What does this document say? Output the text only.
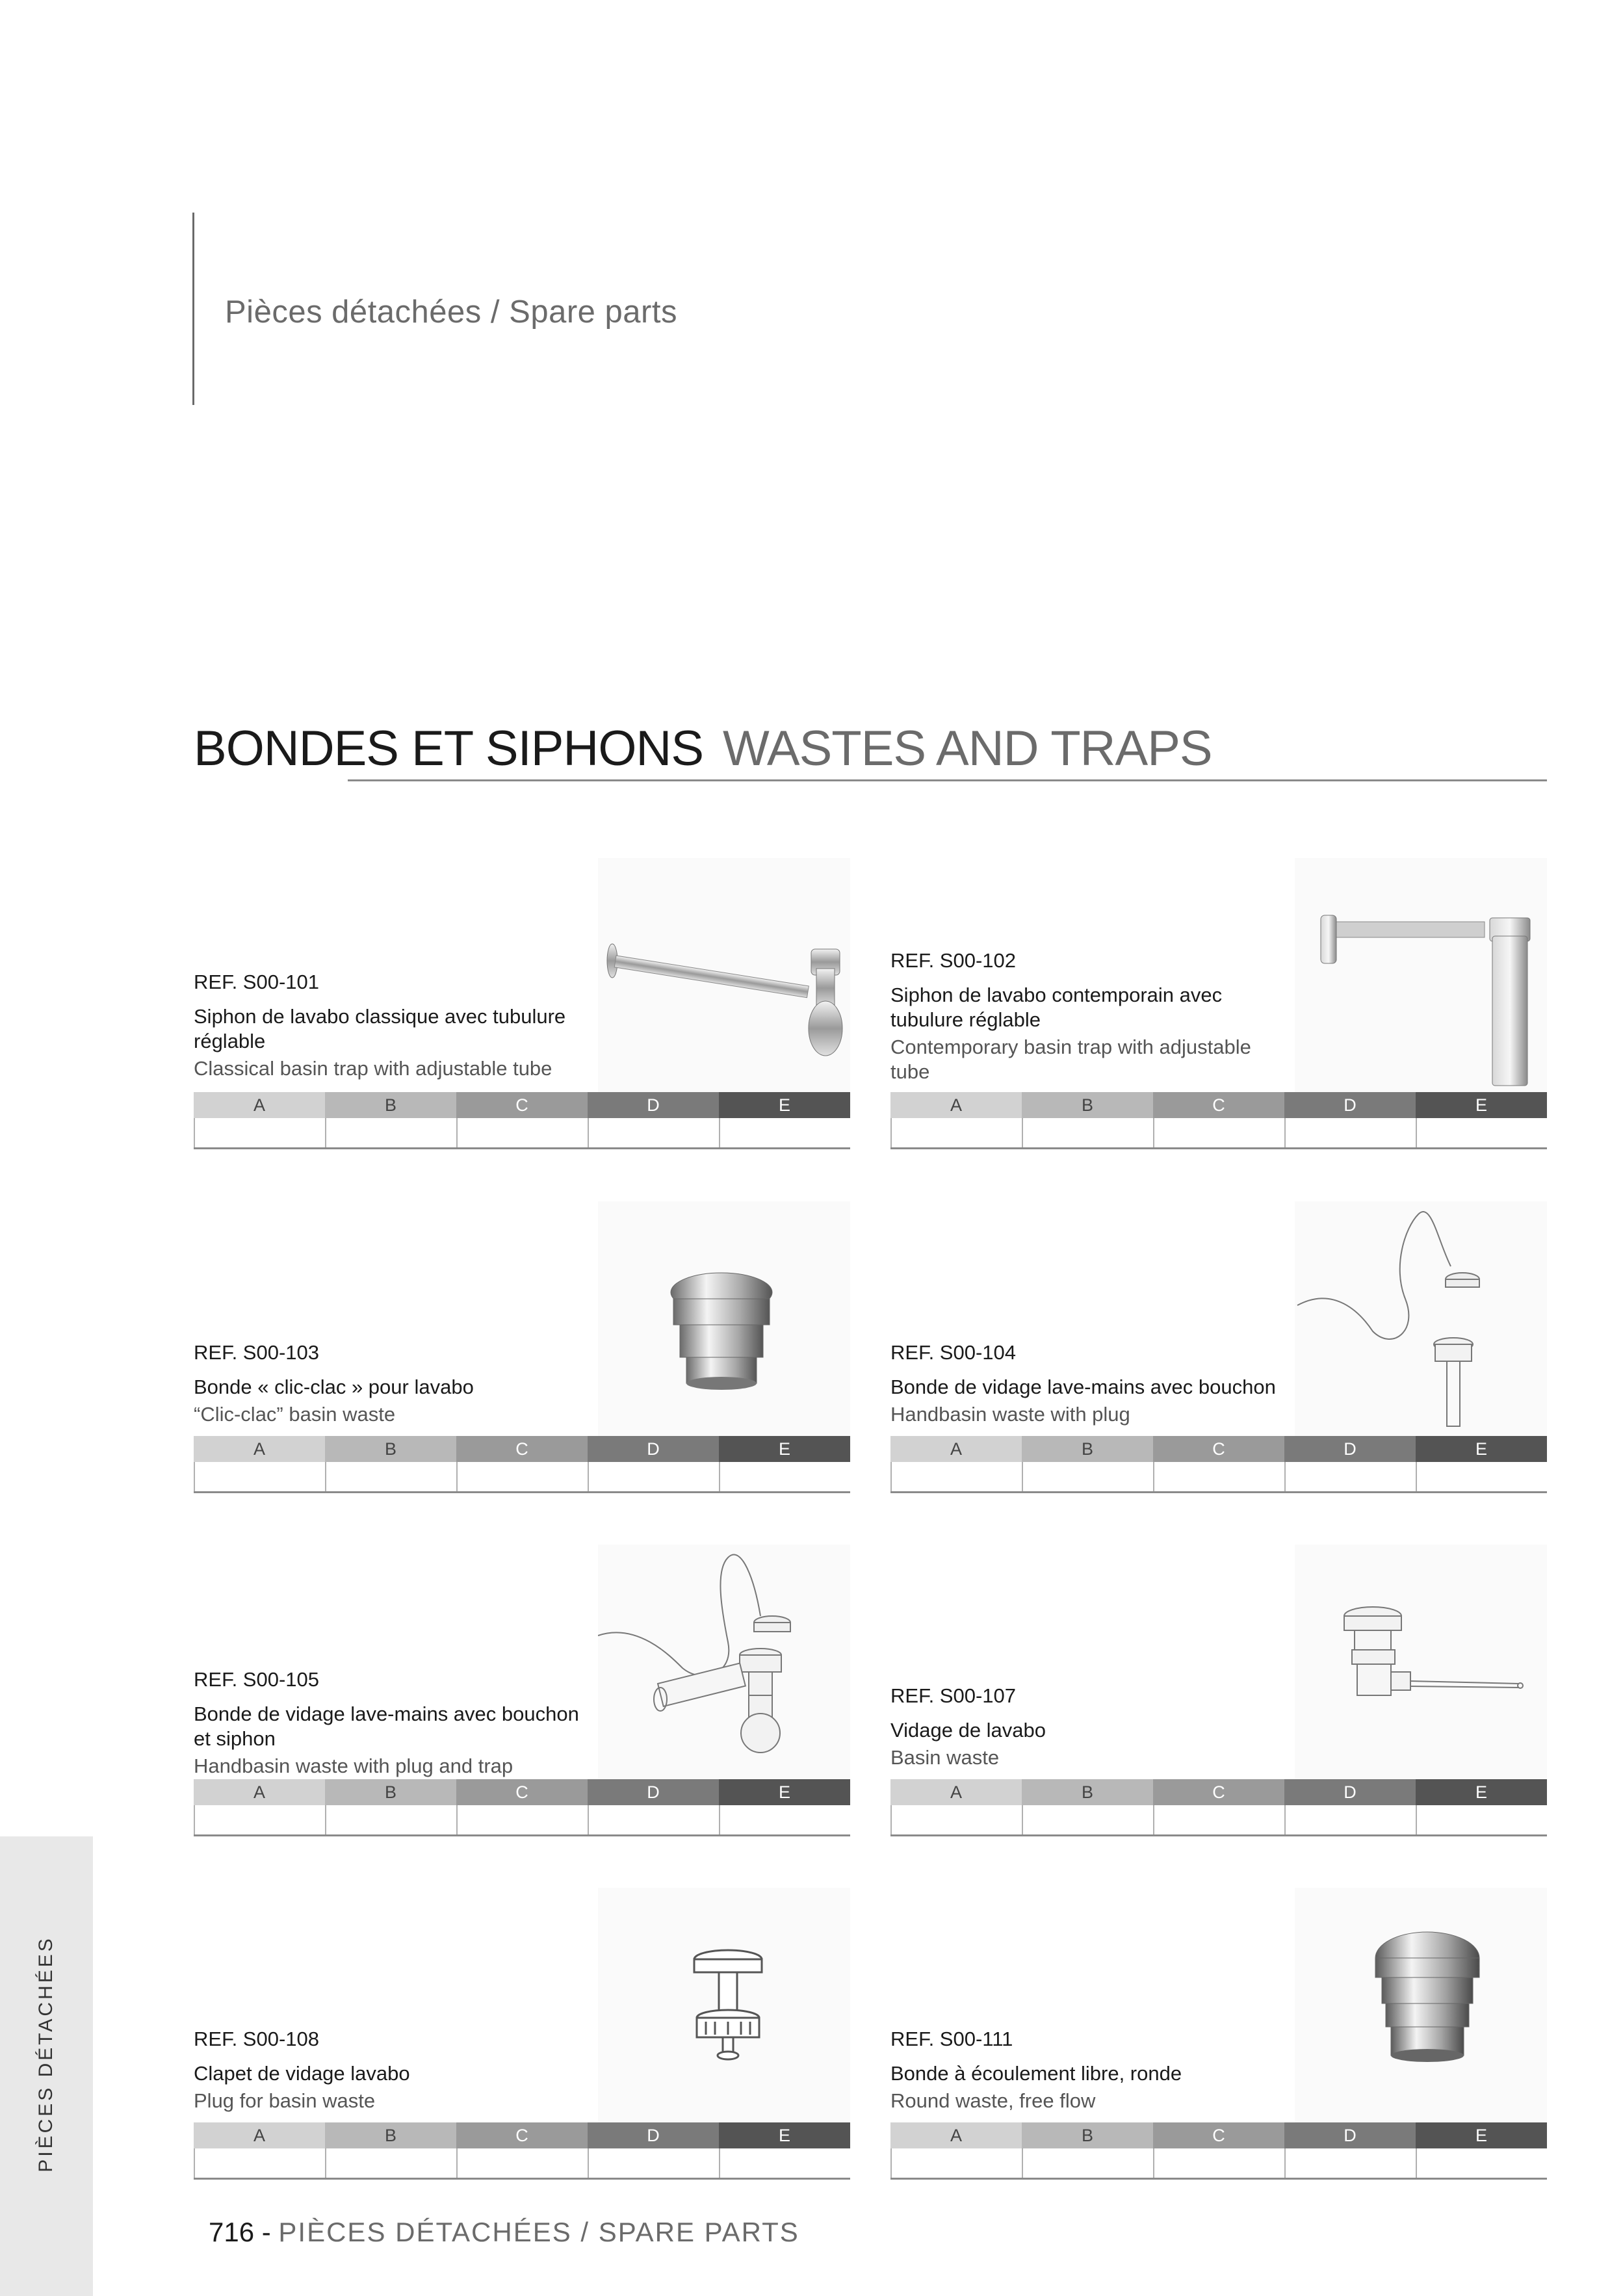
Pièces détachées / Spare parts
BONDES ET SIPHONS WASTES AND TRAPS
REF. S00-101
Siphon de lavabo classique avec tubulure réglable
Classical basin trap with adjustable tube
A	B	C	D	E
REF. S00-102
Siphon de lavabo contemporain avec tubulure réglable
Contemporary basin trap with adjustable tube
A	B	C	D	E
REF. S00-103
Bonde « clic-clac » pour lavabo
“Clic-clac” basin waste
A	B	C	D	E
REF. S00-104
Bonde de vidage lave-mains avec bouchon
Handbasin waste with plug
A	B	C	D	E
REF. S00-105
Bonde de vidage lave-mains avec bouchon et siphon
Handbasin waste with plug and trap
A	B	C	D	E
REF. S00-107
Vidage de lavabo
Basin waste
A	B	C	D	E
REF. S00-108
Clapet de vidage lavabo
Plug for basin waste
A	B	C	D	E
REF. S00-111
Bonde à écoulement libre, ronde
Round waste, free flow
A	B	C	D	E
PIÈCES DÉTACHÉES
716 - PIÈCES DÉTACHÉES / SPARE PARTS
